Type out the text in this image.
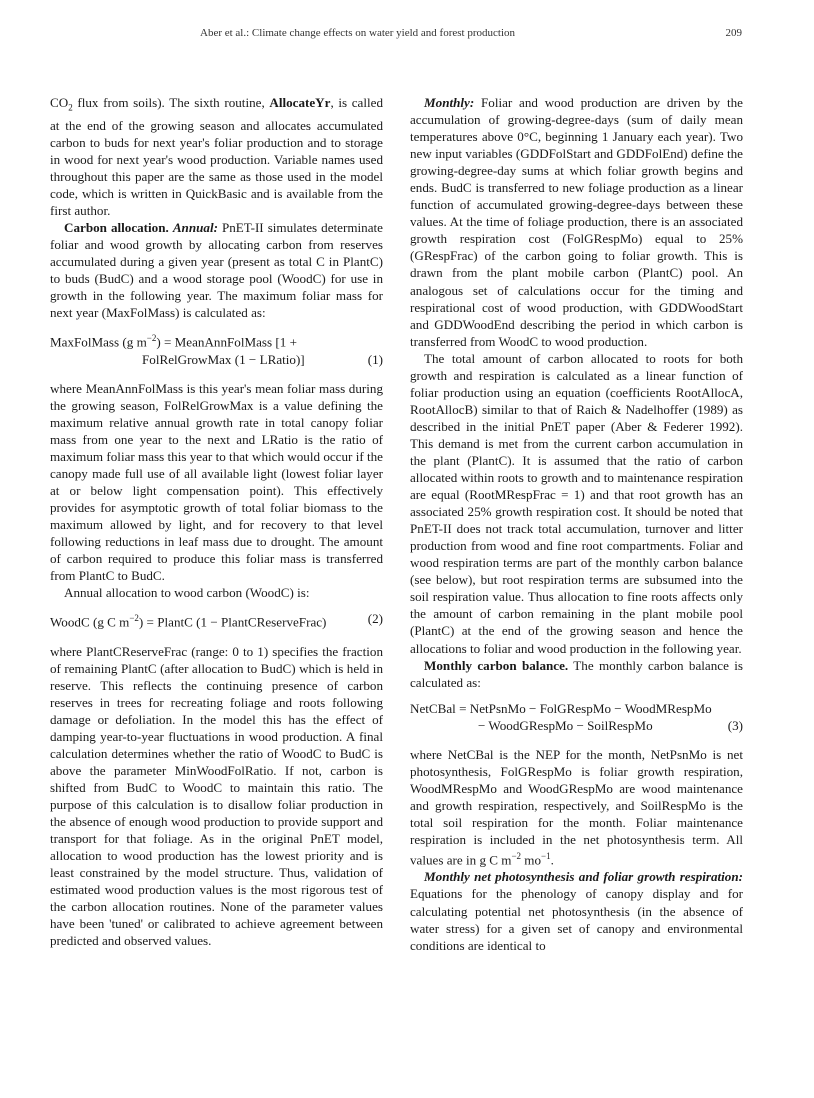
Aber et al.: Climate change effects on water yield and forest production	209

$CO_2$ flux from soils). The sixth routine, AllocateYr, is called at the end of the growing season and allocates accumulated carbon to buds for next year's foliar production and to storage in wood for next year's wood production. Variable names used throughout this paper are the same as those used in the model code, which is written in QuickBasic and is available from the first author.

Carbon allocation. Annual: PnET-II simulates determinate foliar and wood growth by allocating carbon from reserves accumulated during a given year (present as total C in PlantC) to buds (BudC) and a wood storage pool (WoodC) for use in growth in the following year. The maximum foliar mass for next year (MaxFolMass) is calculated as:

MaxFolMass (g $m^{-2}$) = MeanAnnFolMass [1 +
FolRelGrowMax (1 − LRatio)]	(1)

where MeanAnnFolMass is this year's mean foliar mass during the growing season, FolRelGrowMax is a value defining the maximum relative annual growth rate in total canopy foliar mass from one year to the next and LRatio is the ratio of maximum foliar mass this year to that which would occur if the canopy made full use of all available light (lowest foliar layer at or below light compensation point). This effectively provides for asymptotic growth of total foliar biomass to the maximum allowed by light, and for recovery to that level following reductions in leaf mass due to drought. The amount of carbon required to produce this foliar mass is transferred from PlantC to BudC.

Annual allocation to wood carbon (WoodC) is:

WoodC (g C $m^{-2}$) = PlantC (1 − PlantCReserveFrac)	(2)

where PlantCReserveFrac (range: 0 to 1) specifies the fraction of remaining PlantC (after allocation to BudC) which is held in reserve. This reflects the continuing presence of carbon reserves in trees for recreating foliage and roots following damage or defoliation. In the model this has the effect of damping year-to-year fluctuations in wood production. A final calculation determines whether the ratio of WoodC to BudC is above the parameter MinWoodFolRatio. If not, carbon is shifted from BudC to WoodC to maintain this ratio. The purpose of this calculation is to disallow foliar production in the absence of enough wood production to provide support and transport for that foliage. As in the original PnET model, allocation to wood production has the lowest priority and is least constrained by the model structure. Thus, validation of estimated wood production values is the most rigorous test of the carbon allocation routines. None of the parameter values have been 'tuned' or calibrated to achieve agreement between predicted and observed values.

Monthly: Foliar and wood production are driven by the accumulation of growing-degree-days (sum of daily mean temperatures above 0°C, beginning 1 January each year). Two new input variables (GDDFolStart and GDDFolEnd) define the growing-degree-day sums at which foliar growth begins and ends. BudC is transferred to new foliage production as a linear function of accumulated growing-degree-days between these values. At the time of foliage production, there is an associated growth respiration cost (FolGRespMo) equal to 25% (GRespFrac) of the carbon going to foliar growth. This is drawn from the plant mobile carbon (PlantC) pool. An analogous set of calculations occur for the timing and respirational cost of wood production, with GDDWoodStart and GDDWoodEnd describing the period in which carbon is transferred from WoodC to wood production.

The total amount of carbon allocated to roots for both growth and respiration is calculated as a linear function of foliar production using an equation (coefficients RootAllocA, RootAllocB) similar to that of Raich & Nadelhoffer (1989) as described in the initial PnET paper (Aber & Federer 1992). This demand is met from the current carbon accumulation in the plant (PlantC). It is assumed that the ratio of carbon allocated within roots to growth and to maintenance respiration are equal (RootMRespFrac = 1) and that root growth has an associated 25% growth respiration cost. It should be noted that PnET-II does not track total accumulation, turnover and litter production from wood and fine root compartments. Foliar and wood respiration terms are part of the monthly carbon balance (see below), but root respiration terms are subsumed into the soil respiration value. Thus allocation to fine roots affects only the amount of carbon remaining in the plant mobile pool (PlantC) at the end of the growing season and hence the allocations to foliar and wood production in the following year.

Monthly carbon balance. The monthly carbon balance is calculated as:

NetCBal = NetPsnMo − FolGRespMo − WoodMRespMo
− WoodGRespMo − SoilRespMo	(3)

where NetCBal is the NEP for the month, NetPsnMo is net photosynthesis, FolGRespMo is foliar growth respiration, WoodMRespMo and WoodGRespMo are wood maintenance and growth respiration, respectively, and SoilRespMo is the total soil respiration for the month. Foliar maintenance respiration is included in the net photosynthesis term. All values are in g C $m^{-2}$ $mo^{-1}$.

Monthly net photosynthesis and foliar growth respiration: Equations for the phenology of canopy display and for calculating potential net photosynthesis (in the absence of water stress) for a given set of canopy and environmental conditions are identical to
